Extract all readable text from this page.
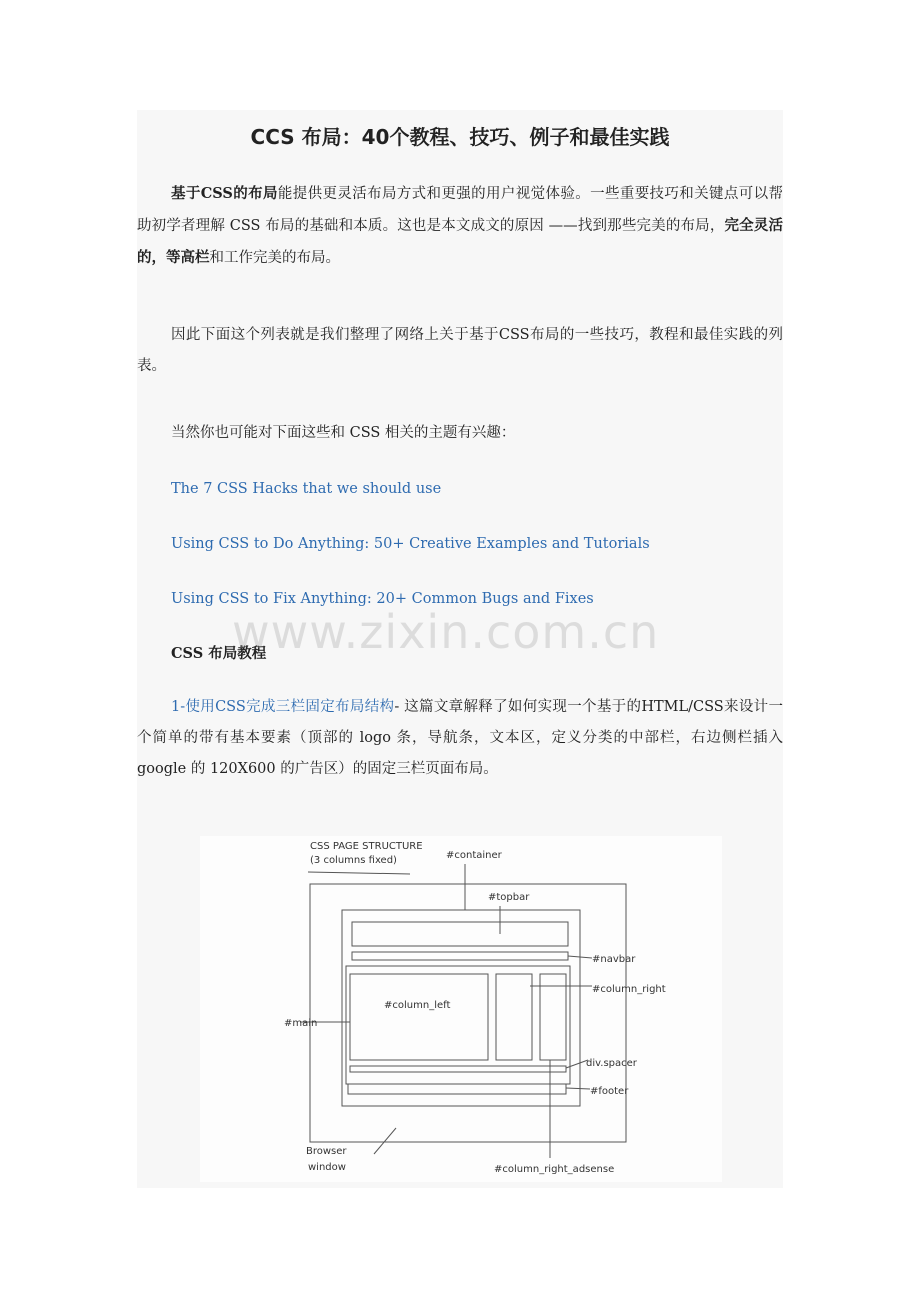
CCS 布局：40个教程、技巧、例子和最佳实践

基于CSS的布局能提供更灵活布局方式和更强的用户视觉体验。一些重要技巧和关键点可以帮助初学者理解 CSS 布局的基础和本质。这也是本文成文的原因 ——找到那些完美的布局，完全灵活的，等高栏和工作完美的布局。

因此下面这个列表就是我们整理了网络上关于基于CSS布局的一些技巧，教程和最佳实践的列表。

当然你也可能对下面这些和 CSS 相关的主题有兴趣：

The 7 CSS Hacks that we should use
Using CSS to Do Anything: 50+ Creative Examples and Tutorials
Using CSS to Fix Anything: 20+ Common Bugs and Fixes
CSS 布局教程

1-使用CSS完成三栏固定布局结构- 这篇文章解释了如何实现一个基于的HTML/CSS来设计一个简单的带有基本要素（顶部的 logo 条，导航条，文本区，定义分类的中部栏，右边侧栏插入 google 的 120X600 的广告区）的固定三栏页面布局。

CSS PAGE STRUCTURE
(3 columns fixed)	#container
#topbar
#navbar
#column_right
#column_left
#main
div.spacer
#footer
Browser
window	#column_right_adsense
www.zixin.com.cn
